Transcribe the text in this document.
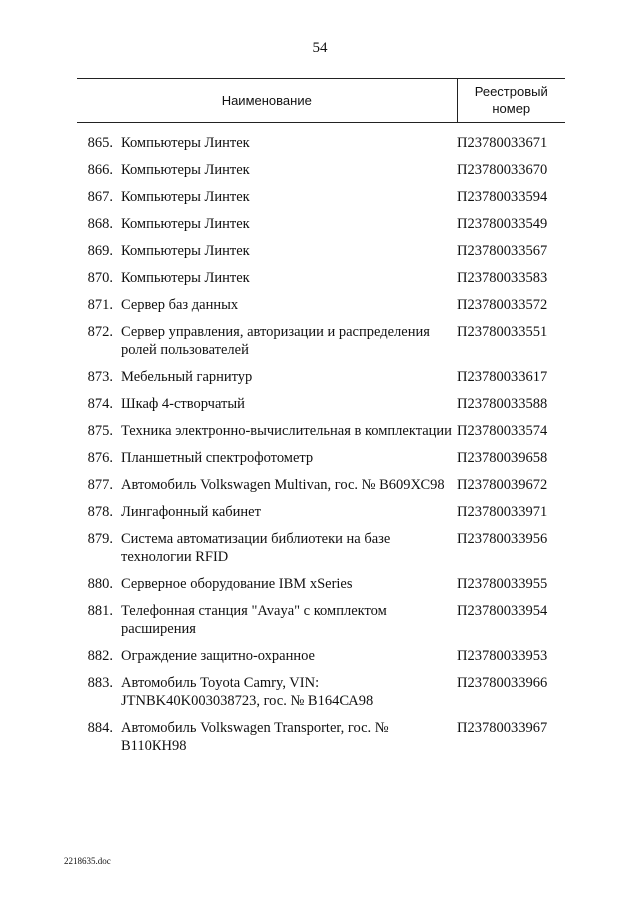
54
Наименование		Реестровый номер
865.	Компьютеры Линтек	П23780033671
866.	Компьютеры Линтек	П23780033670
867.	Компьютеры Линтек	П23780033594
868.	Компьютеры Линтек	П23780033549
869.	Компьютеры Линтек	П23780033567
870.	Компьютеры Линтек	П23780033583
871.	Сервер баз данных	П23780033572
872.	Сервер управления, авторизации и распределения ролей пользователей	П23780033551
873.	Мебельный гарнитур	П23780033617
874.	Шкаф 4-створчатый	П23780033588
875.	Техника электронно-вычислительная в комплектации	П23780033574
876.	Планшетный спектрофотометр	П23780039658
877.	Автомобиль Volkswagen Multivan, гос. № В609ХС98	П23780039672
878.	Лингафонный кабинет	П23780033971
879.	Система автоматизации библиотеки на базе технологии RFID	П23780033956
880.	Серверное оборудование IBM xSeries	П23780033955
881.	Телефонная станция "Avaya" с комплектом расширения	П23780033954
882.	Ограждение защитно-охранное	П23780033953
883.	Автомобиль Toyota Camry, VIN: JTNBK40K003038723, гос. № В164СА98	П23780033966
884.	Автомобиль Volkswagen Transporter, гос. № В110КН98	П23780033967
2218635.doc
